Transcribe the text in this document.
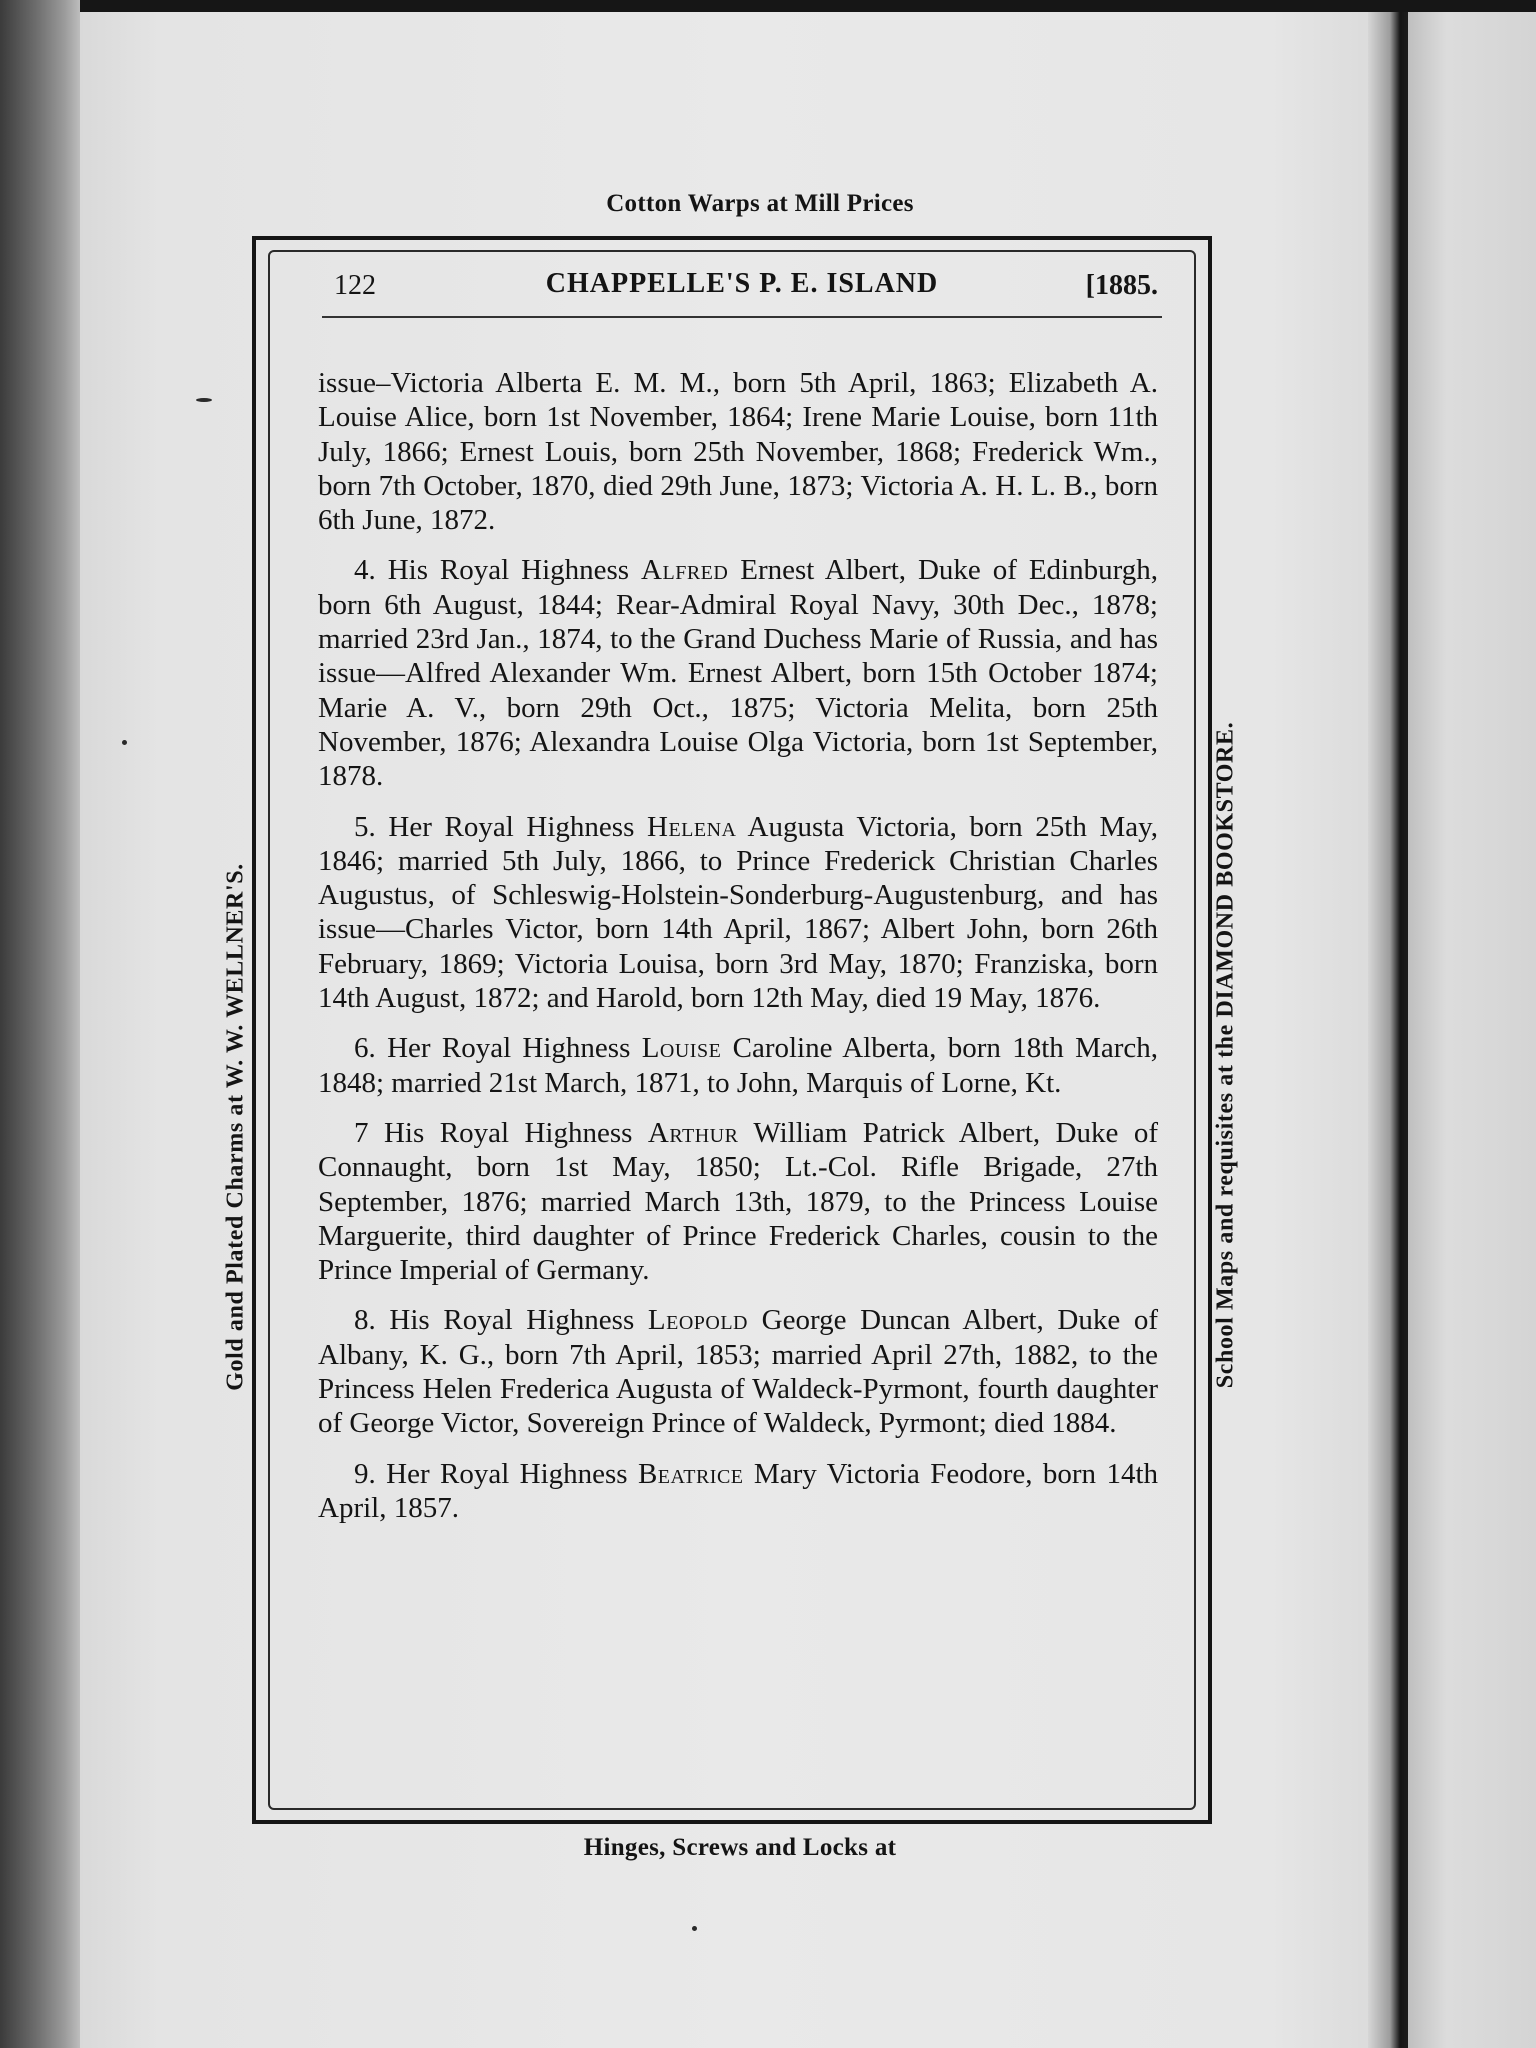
Cotton Warps at Mill Prices
Gold and Plated Charms at W. W. WELLNER'S.	School Maps and requisites at the DIAMOND BOOKSTORE.
122	CHAPPELLE'S P. E. ISLAND	[1885.

issue–Victoria Alberta E. M. M., born 5th April, 1863; Elizabeth A. Louise Alice, born 1st November, 1864; Irene Marie Louise, born 11th July, 1866; Ernest Louis, born 25th November, 1868; Frederick Wm., born 7th October, 1870, died 29th June, 1873; Victoria A. H. L. B., born 6th June, 1872.

4. His Royal Highness Alfred Ernest Albert, Duke of Edinburgh, born 6th August, 1844; Rear-Admiral Royal Navy, 30th Dec., 1878; married 23rd Jan., 1874, to the Grand Duchess Marie of Russia, and has issue—Alfred Alexander Wm. Ernest Albert, born 15th October 1874; Marie A. V., born 29th Oct., 1875; Victoria Melita, born 25th November, 1876; Alexandra Louise Olga Victoria, born 1st September, 1878.

5. Her Royal Highness Helena Augusta Victoria, born 25th May, 1846; married 5th July, 1866, to Prince Frederick Christian Charles Augustus, of Schleswig-Holstein-Sonderburg-Augustenburg, and has issue—Charles Victor, born 14th April, 1867; Albert John, born 26th February, 1869; Victoria Louisa, born 3rd May, 1870; Franziska, born 14th August, 1872; and Harold, born 12th May, died 19 May, 1876.

6. Her Royal Highness Louise Caroline Alberta, born 18th March, 1848; married 21st March, 1871, to John, Marquis of Lorne, Kt.

7 His Royal Highness Arthur William Patrick Albert, Duke of Connaught, born 1st May, 1850; Lt.-Col. Rifle Brigade, 27th September, 1876; married March 13th, 1879, to the Princess Louise Marguerite, third daughter of Prince Frederick Charles, cousin to the Prince Imperial of Germany.

8. His Royal Highness Leopold George Duncan Albert, Duke of Albany, K. G., born 7th April, 1853; married April 27th, 1882, to the Princess Helen Frederica Augusta of Waldeck-Pyrmont, fourth daughter of George Victor, Sovereign Prince of Waldeck, Pyrmont; died 1884.

9. Her Royal Highness Beatrice Mary Victoria Feodore, born 14th April, 1857.

Hinges, Screws and Locks at
